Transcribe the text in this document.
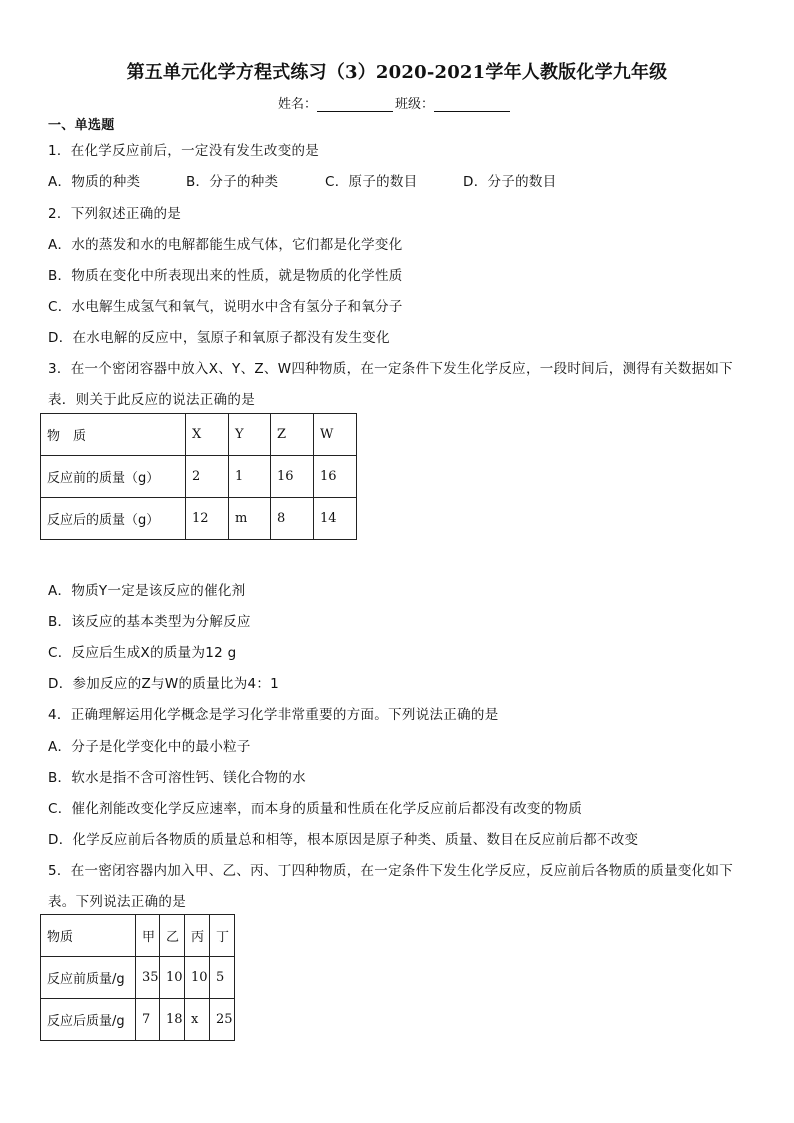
第五单元化学方程式练习（3）2020-2021学年人教版化学九年级
姓名：	班级：
一、单选题
1．在化学反应前后，一定没有发生改变的是
A．物质的种类	B．分子的种类	C．原子的数目	D．分子的数目
2．下列叙述正确的是
A．水的蒸发和水的电解都能生成气体，它们都是化学变化
B．物质在变化中所表现出来的性质，就是物质的化学性质
C．水电解生成氢气和氧气，说明水中含有氢分子和氧分子
D．在水电解的反应中，氢原子和氧原子都没有发生变化
3．在一个密闭容器中放入X、Y、Z、W四种物质，在一定条件下发生化学反应，一段时间后，测得有关数据如下
表．则关于此反应的说法正确的是
物　质	X	Y	Z	W
反应前的质量（g）	2	1	16	16
反应后的质量（g）	12	m	8	14
A．物质Y一定是该反应的催化剂
B．该反应的基本类型为分解反应
C．反应后生成X的质量为12 g
D．参加反应的Z与W的质量比为4：1
4．正确理解运用化学概念是学习化学非常重要的方面。下列说法正确的是
A．分子是化学变化中的最小粒子
B．软水是指不含可溶性钙、镁化合物的水
C．催化剂能改变化学反应速率，而本身的质量和性质在化学反应前后都没有改变的物质
D．化学反应前后各物质的质量总和相等，根本原因是原子种类、质量、数目在反应前后都不改变
5．在一密闭容器内加入甲、乙、丙、丁四种物质，在一定条件下发生化学反应，反应前后各物质的质量变化如下
表。下列说法正确的是
物质	甲	乙	丙	丁
反应前质量/g	35	10	10	5
反应后质量/g	7	18	x	25
